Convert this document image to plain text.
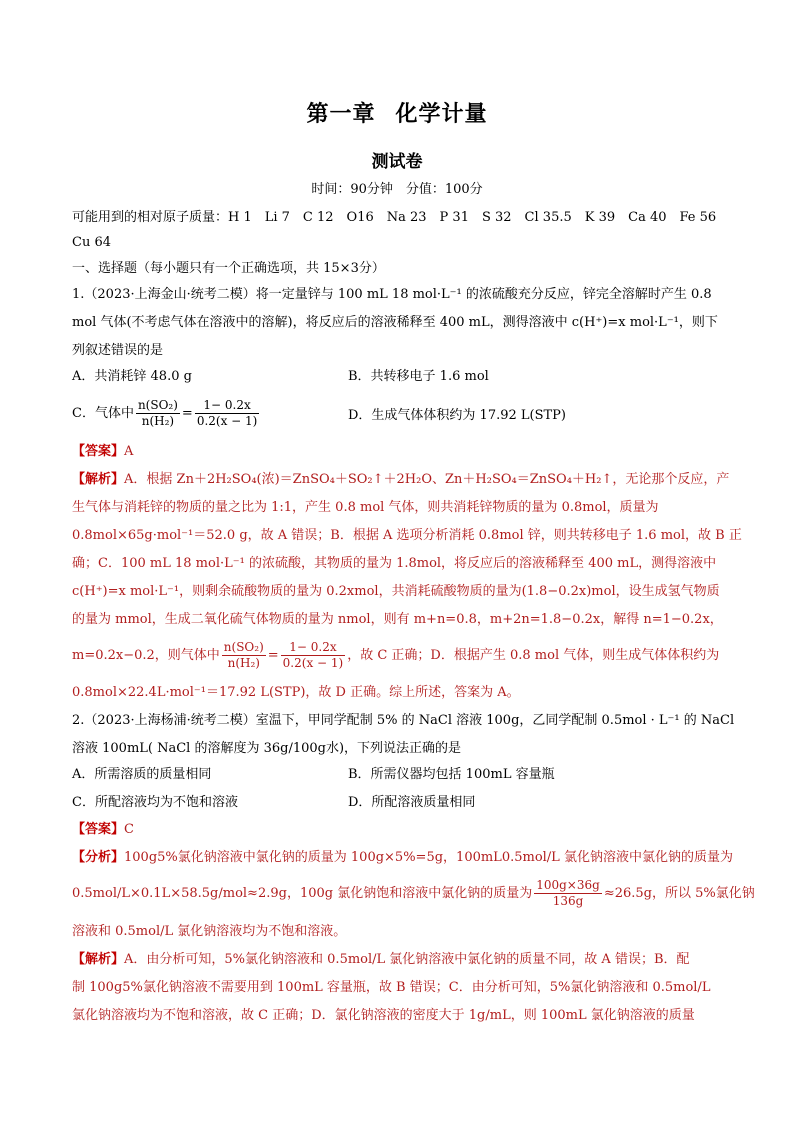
第一章 化学计量
测试卷
时间：90分钟　分值：100分
可能用到的相对原子质量：H 1　Li 7　C 12　O16　Na 23　P 31　S 32　Cl 35.5　K 39　Ca 40　Fe 56
Cu 64
一、选择题（每小题只有一个正确选项，共 15×3分）
1.（2023·上海金山·统考二模）将一定量锌与 100 mL 18 mol·L⁻¹ 的浓硫酸充分反应，锌完全溶解时产生 0.8
mol 气体(不考虑气体在溶液中的溶解)，将反应后的溶液稀释至 400 mL，测得溶液中 c(H⁺)=x mol·L⁻¹，则下
列叙述错误的是
A．共消耗锌 48.0 g	B．共转移电子 1.6 mol
C．气体中 $\frac{\text{n(SO₂)}}{\text{n(H₂)}} = \frac{1- 0.2x}{0.2(x - 1)}$	D．生成气体体积约为 17.92 L(STP)
【答案】A
【解析】A．根据 Zn＋2H₂SO₄(浓)＝ZnSO₄＋SO₂↑＋2H₂O、Zn＋H₂SO₄＝ZnSO₄＋H₂↑，无论那个反应，产
生气体与消耗锌的物质的量之比为 1:1，产生 0.8 mol 气体，则共消耗锌物质的量为 0.8mol，质量为
0.8mol×65g·mol⁻¹＝52.0 g，故 A 错误；B．根据 A 选项分析消耗 0.8mol 锌，则共转移电子 1.6 mol，故 B 正
确；C．100 mL 18 mol·L⁻¹ 的浓硫酸，其物质的量为 1.8mol，将反应后的溶液稀释至 400 mL，测得溶液中
c(H⁺)=x mol·L⁻¹，则剩余硫酸物质的量为 0.2xmol，共消耗硫酸物质的量为(1.8−0.2x)mol，设生成氢气物质
的量为 mmol，生成二氧化硫气体物质的量为 nmol，则有 m+n=0.8，m+2n=1.8−0.2x，解得 n=1−0.2x，
m=0.2x−0.2，则气体中 $\frac{\text{n(SO₂)}}{\text{n(H₂)}} = \frac{1- 0.2x}{0.2(x - 1)}$ ，故 C 正确；D．根据产生 0.8 mol 气体，则生成气体体积约为
0.8mol×22.4L·mol⁻¹＝17.92 L(STP)，故 D 正确。综上所述，答案为 A。
2.（2023·上海杨浦·统考二模）室温下，甲同学配制 5% 的 NaCl 溶液 100g，乙同学配制 0.5mol · L⁻¹ 的 NaCl
溶液 100mL( NaCl 的溶解度为 36g/100g水)，下列说法正确的是
A．所需溶质的质量相同	B．所需仪器均包括 100mL 容量瓶
C．所配溶液均为不饱和溶液	D．所配溶液质量相同
【答案】C
【分析】100g5%氯化钠溶液中氯化钠的质量为 100g×5%=5g，100mL0.5mol/L 氯化钠溶液中氯化钠的质量为
0.5mol/L×0.1L×58.5g/mol≈2.9g，100g 氯化钠饱和溶液中氯化钠的质量为 $\frac{100g\times 36g}{136g} \approx 26.5g$，所以 5%氯化钠
溶液和 0.5mol/L 氯化钠溶液均为不饱和溶液。
【解析】A．由分析可知，5%氯化钠溶液和 0.5mol/L 氯化钠溶液中氯化钠的质量不同，故 A 错误；B．配
制 100g5%氯化钠溶液不需要用到 100mL 容量瓶，故 B 错误；C．由分析可知，5%氯化钠溶液和 0.5mol/L
氯化钠溶液均为不饱和溶液，故 C 正确；D．氯化钠溶液的密度大于 1g/mL，则 100mL 氯化钠溶液的质量
